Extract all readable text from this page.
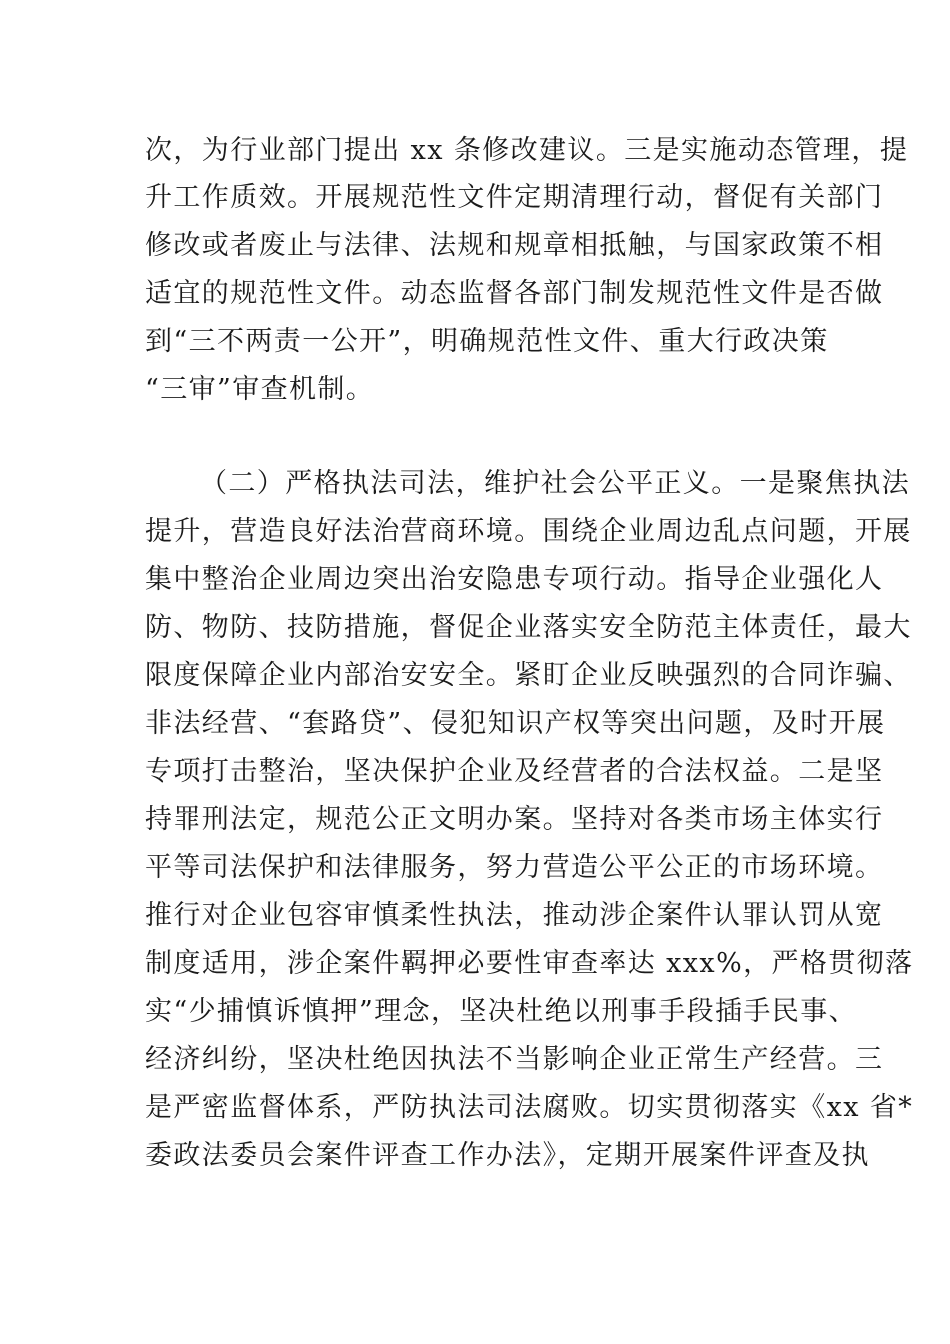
次，为行业部门提出 xx 条修改建议。三是实施动态管理，提
升工作质效。开展规范性文件定期清理行动，督促有关部门
修改或者废止与法律、法规和规章相抵触，与国家政策不相
适宜的规范性文件。动态监督各部门制发规范性文件是否做
到“三不两责一公开”，明确规范性文件、重大行政决策
“三审”审查机制。
（二）严格执法司法，维护社会公平正义。一是聚焦执法
提升，营造良好法治营商环境。围绕企业周边乱点问题，开展
集中整治企业周边突出治安隐患专项行动。指导企业强化人
防、物防、技防措施，督促企业落实安全防范主体责任，最大
限度保障企业内部治安安全。紧盯企业反映强烈的合同诈骗、
非法经营、“套路贷”、侵犯知识产权等突出问题，及时开展
专项打击整治，坚决保护企业及经营者的合法权益。二是坚
持罪刑法定，规范公正文明办案。坚持对各类市场主体实行
平等司法保护和法律服务，努力营造公平公正的市场环境。
推行对企业包容审慎柔性执法，推动涉企案件认罪认罚从宽
制度适用，涉企案件羁押必要性审查率达 xxx%，严格贯彻落
实“少捕慎诉慎押”理念，坚决杜绝以刑事手段插手民事、
经济纠纷，坚决杜绝因执法不当影响企业正常生产经营。三
是严密监督体系，严防执法司法腐败。切实贯彻落实《xx 省*
委政法委员会案件评查工作办法》，定期开展案件评查及执
